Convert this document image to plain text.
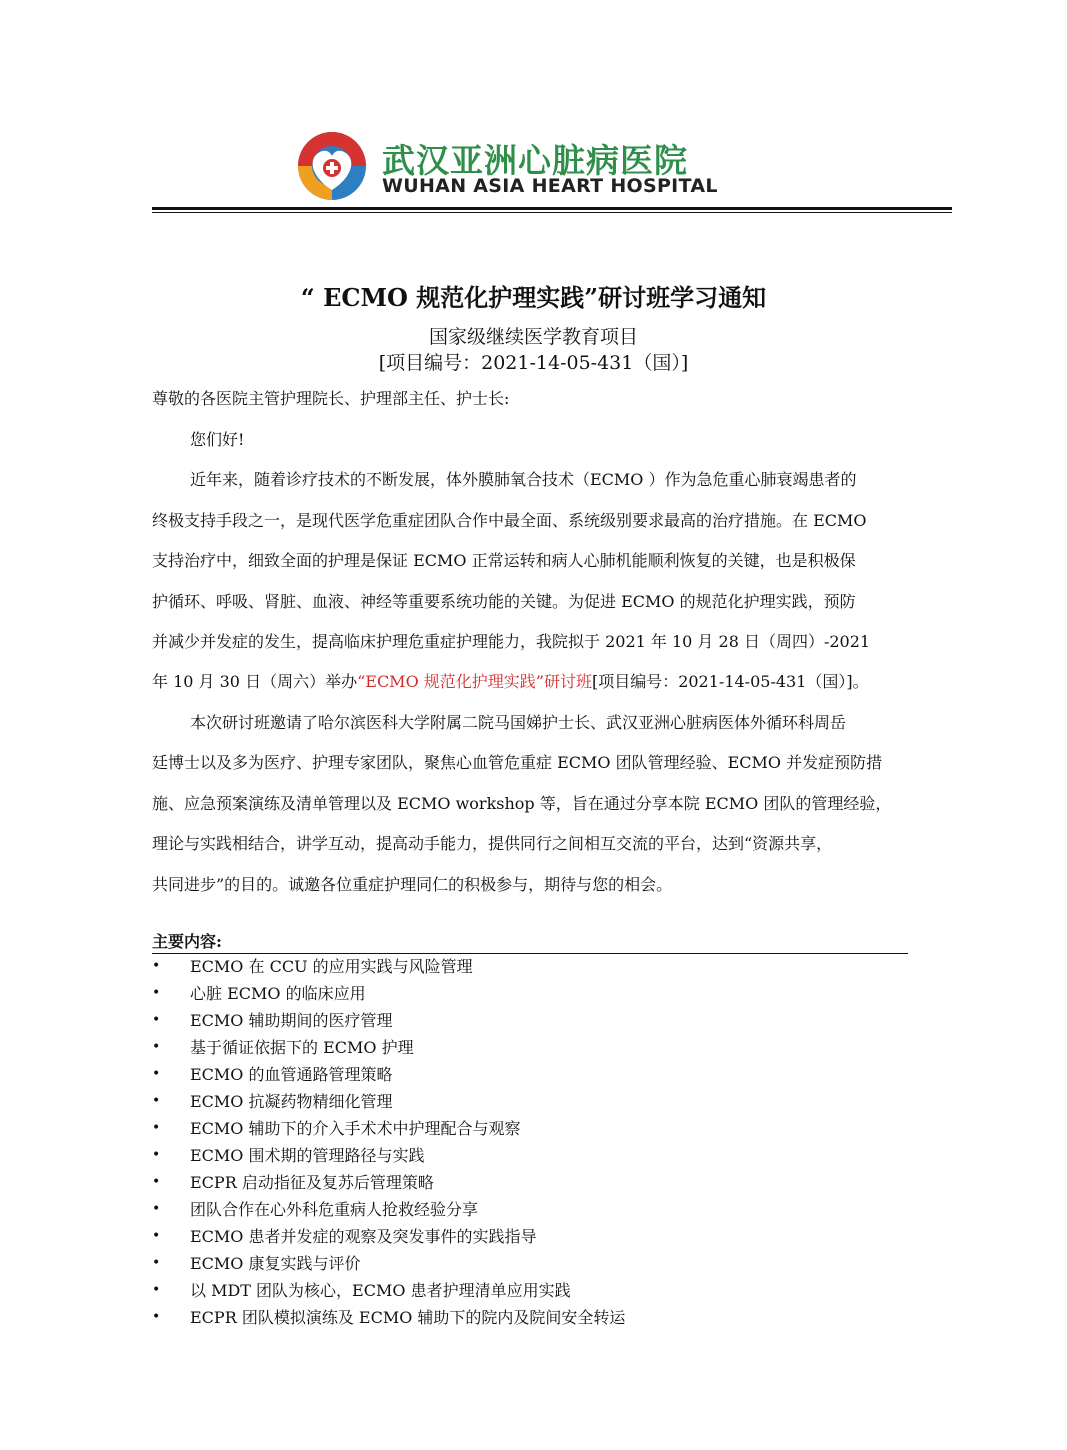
武汉亚洲心脏病医院
WUHAN ASIA HEART HOSPITAL
“ ECMO 规范化护理实践”研讨班学习通知
国家级继续医学教育项目
[项目编号：2021-14-05-431（国）]
尊敬的各医院主管护理院长、护理部主任、护士长:
您们好!
近年来，随着诊疗技术的不断发展，体外膜肺氧合技术（ECMO ）作为急危重心肺衰竭患者的
终极支持手段之一，是现代医学危重症团队合作中最全面、系统级别要求最高的治疗措施。在 ECMO
支持治疗中，细致全面的护理是保证 ECMO 正常运转和病人心肺机能顺利恢复的关键，也是积极保
护循环、呼吸、肾脏、血液、神经等重要系统功能的关键。为促进 ECMO 的规范化护理实践，预防
并减少并发症的发生，提高临床护理危重症护理能力，我院拟于 2021 年 10 月 28 日（周四）-2021
年 10 月 30 日（周六）举办“ECMO 规范化护理实践”研讨班[项目编号：2021-14-05-431（国）]。
本次研讨班邀请了哈尔滨医科大学附属二院马国娣护士长、武汉亚洲心脏病医体外循环科周岳
廷博士以及多为医疗、护理专家团队，聚焦心血管危重症 ECMO 团队管理经验、ECMO 并发症预防措
施、应急预案演练及清单管理以及 ECMO workshop 等，旨在通过分享本院 ECMO 团队的管理经验，
理论与实践相结合，讲学互动，提高动手能力，提供同行之间相互交流的平台，达到“资源共享，
共同进步”的目的。诚邀各位重症护理同仁的积极参与，期待与您的相会。
主要内容:
• ECMO 在 CCU 的应用实践与风险管理
• 心脏 ECMO 的临床应用
• ECMO 辅助期间的医疗管理
• 基于循证依据下的 ECMO 护理
• ECMO 的血管通路管理策略
• ECMO 抗凝药物精细化管理
• ECMO 辅助下的介入手术术中护理配合与观察
• ECMO 围术期的管理路径与实践
• ECPR 启动指征及复苏后管理策略
• 团队合作在心外科危重病人抢救经验分享
• ECMO 患者并发症的观察及突发事件的实践指导
• ECMO 康复实践与评价
• 以 MDT 团队为核心，ECMO 患者护理清单应用实践
• ECPR 团队模拟演练及 ECMO 辅助下的院内及院间安全转运
